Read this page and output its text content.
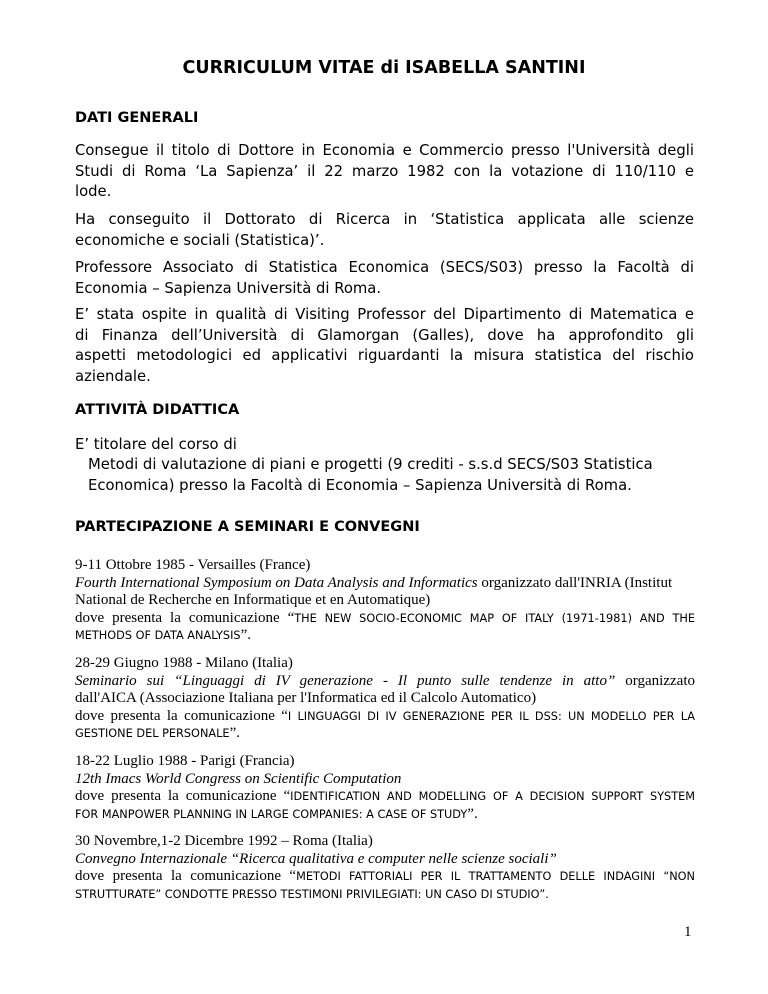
CURRICULUM VITAE di ISABELLA SANTINI
DATI GENERALI
Consegue il titolo di Dottore in Economia e Commercio presso l'Università degli
Studi di Roma ‘La Sapienza’ il 22 marzo 1982 con la votazione di 110/110 e
lode.
Ha conseguito il Dottorato di Ricerca in ‘Statistica applicata alle scienze
economiche e sociali (Statistica)’.
Professore Associato di Statistica Economica (SECS/S03) presso la Facoltà di
Economia – Sapienza Università di Roma.
E’ stata ospite in qualità di Visiting Professor del Dipartimento di Matematica e
di Finanza dell’Università di Glamorgan (Galles), dove ha approfondito gli
aspetti metodologici ed applicativi riguardanti la misura statistica del rischio
aziendale.
ATTIVITÀ DIDATTICA
E’ titolare del corso di
Metodi di valutazione di piani e progetti (9 crediti - s.s.d SECS/S03 Statistica
Economica) presso la Facoltà di Economia – Sapienza Università di Roma.
PARTECIPAZIONE A SEMINARI E CONVEGNI
9-11 Ottobre 1985 - Versailles (France)
Fourth International Symposium on Data Analysis and Informatics organizzato dall'INRIA (Institut
National de Recherche en Informatique et en Automatique)
dove presenta la comunicazione “THE NEW SOCIO-ECONOMIC MAP OF ITALY (1971-1981) AND THE
METHODS OF DATA ANALYSIS”.
28-29 Giugno 1988 - Milano (Italia)
Seminario sui “Linguaggi di IV generazione - Il punto sulle tendenze in atto” organizzato
dall'AICA (Associazione Italiana per l'Informatica ed il Calcolo Automatico)
dove presenta la comunicazione “I LINGUAGGI DI IV GENERAZIONE PER IL DSS: UN MODELLO PER LA
GESTIONE DEL PERSONALE”.
18-22 Luglio 1988 - Parigi (Francia)
12th Imacs World Congress on Scientific Computation
dove presenta la comunicazione “IDENTIFICATION AND MODELLING OF A DECISION SUPPORT SYSTEM
FOR MANPOWER PLANNING IN LARGE COMPANIES: A CASE OF STUDY”.
30 Novembre,1-2 Dicembre 1992 – Roma (Italia)
Convegno Internazionale “Ricerca qualitativa e computer nelle scienze sociali”
dove presenta la comunicazione “METODI FATTORIALI PER IL TRATTAMENTO DELLE INDAGINI “NON
STRUTTURATE” CONDOTTE PRESSO TESTIMONI PRIVILEGIATI: UN CASO DI STUDIO”.
1
